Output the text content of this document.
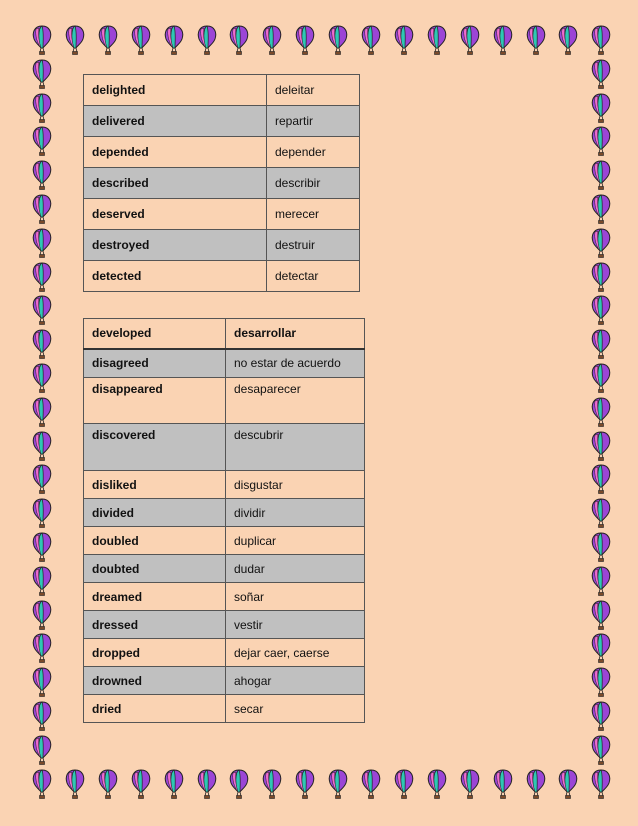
delighted	deleitar
delivered	repartir
depended	depender
described	describir
deserved	merecer
destroyed	destruir
detected	detectar
developed	desarrollar
disagreed	no estar de acuerdo
disappeared	desaparecer
discovered	descubrir
disliked	disgustar
divided	dividir
doubled	duplicar
doubted	dudar
dreamed	soñar
dressed	vestir
dropped	dejar caer, caerse
drowned	ahogar
dried	secar
